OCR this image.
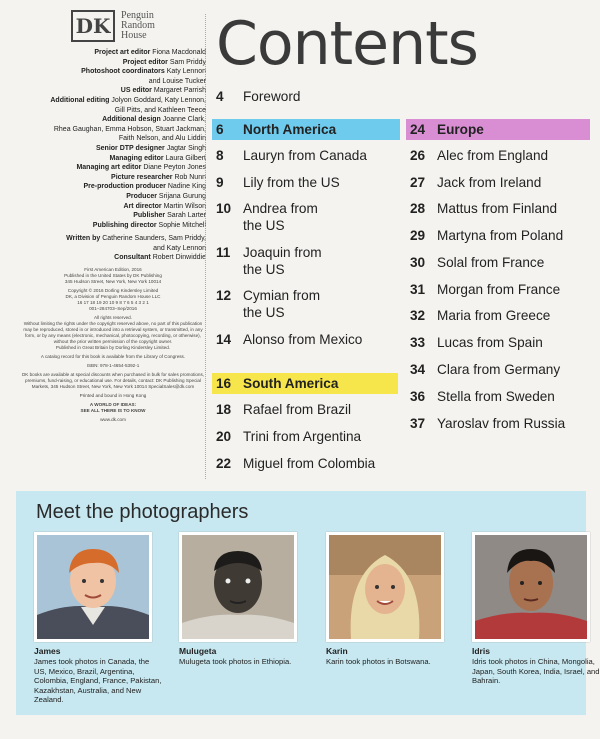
DK	Penguin
Random
House
Project art editor Fiona Macdonald
Project editor Sam Priddy
Photoshoot coordinators Katy Lennon
and Louise Tucker
US editor Margaret Parrish
Additional editing Jolyon Goddard, Katy Lennon,
Gill Pitts, and Kathleen Teece
Additional design Joanne Clark,
Rhea Gaughan, Emma Hobson, Stuart Jackman,
Faith Nelson, and Alu Liddin
Senior DTP designer Jagtar Singh
Managing editor Laura Gilbert
Managing art editor Diane Peyton Jones
Picture researcher Rob Nunn
Pre-production producer Nadine King
Producer Srijana Gurung
Art director Martin Wilson
Publisher Sarah Larter
Publishing director Sophie Mitchell
Written by Catherine Saunders, Sam Priddy,
and Katy Lennon
Consultant Robert Dinwiddie

First American Edition, 2016
Published in the United States by DK Publishing
345 Hudson Street, New York, New York 10014

Copyright © 2016 Dorling Kindersley Limited
DK, a Division of Penguin Random House LLC
16 17 18 19 20 10 9 8 7 6 5 4 3 2 1
001–284703–Sep/2016

All rights reserved.
Without limiting the rights under the copyright reserved above, no part of this publication may be reproduced, stored in or introduced into a retrieval system, or transmitted, in any form, or by any means (electronic, mechanical, photocopying, recording, or otherwise), without the prior written permission of the copyright owner.
Published in Great Britain by Dorling Kindersley Limited.

A catalog record for this book is available from the Library of Congress.

ISBN: 978-1-4654-5392-1

DK books are available at special discounts when purchased in bulk for sales promotions, premiums, fund-raising, or educational use. For details, contact: DK Publishing Special Markets, 345 Hudson Street, New York, New York 10014 SpecialSales@dk.com

Printed and bound in Hong Kong

A WORLD OF IDEAS:
SEE ALL THERE IS TO KNOW

www.dk.com

Contents
4	Foreword
6	North America
8	Lauryn from Canada
9	Lily from the US
10 Andrea from the US
11 Joaquin from the US
12 Cymian from the US
14 Alonso from Mexico
16 South America
18 Rafael from Brazil
20 Trini from Argentina
22 Miguel from Colombia
24 Europe
26 Alec from England
27 Jack from Ireland
28 Mattus from Finland
29 Martyna from Poland
30 Solal from France
31 Morgan from France
32 Maria from Greece
33 Lucas from Spain
34 Clara from Germany
36 Stella from Sweden
37 Yaroslav from Russia
Meet the photographers
James
James took photos in Canada, the US, Mexico, Brazil, Argentina, Colombia, England, France, Pakistan, Kazakhstan, Australia, and New Zealand.
Mulugeta
Mulugeta took photos in Ethiopia.
Karin
Karin took photos in Botswana.
Idris
Idris took photos in China, Mongolia, Japan, South Korea, India, Israel, and Bahrain.
